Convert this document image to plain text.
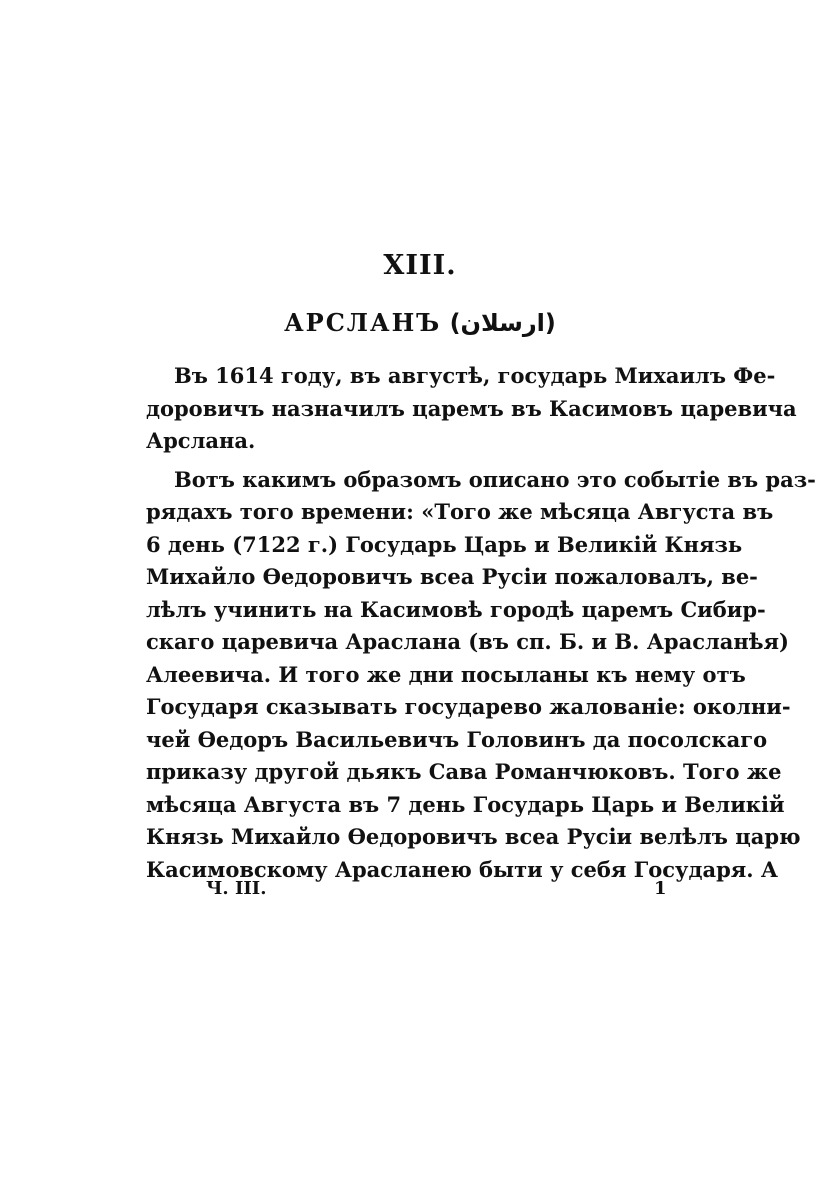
XIII.
АРСЛАНЪ (ارسلان)
Въ 1614 году, въ августѣ, государь Михаилъ Фе-
доровичъ назначилъ царемъ въ Касимовъ царевича
Арслана.
Вотъ какимъ образомъ описано это событіе въ раз-
рядахъ того времени: «Того же мѣсяца Августа въ
6 день (7122 г.) Государь Царь и Великій Князь
Михайло Ѳедоровичъ всеа Русіи пожаловалъ, ве-
лѣлъ учинить на Касимовѣ городѣ царемъ Сибир-
скаго царевича Араслана (въ сп. Б. и В. Арасланѣя)
Алеевича. И того же дни посыланы къ нему отъ
Государя сказывать государево жалованіе: околни-
чей Ѳедоръ Васильевичъ Головинъ да посолскаго
приказу другой дьякъ Сава Романчюковъ. Того же
мѣсяца Августа въ 7 день Государь Царь и Великій
Князь Михайло Ѳедоровичъ всеа Русіи велѣлъ царю
Касимовскому Арасланею быти у себя Государя. А
Ч. III.	1
